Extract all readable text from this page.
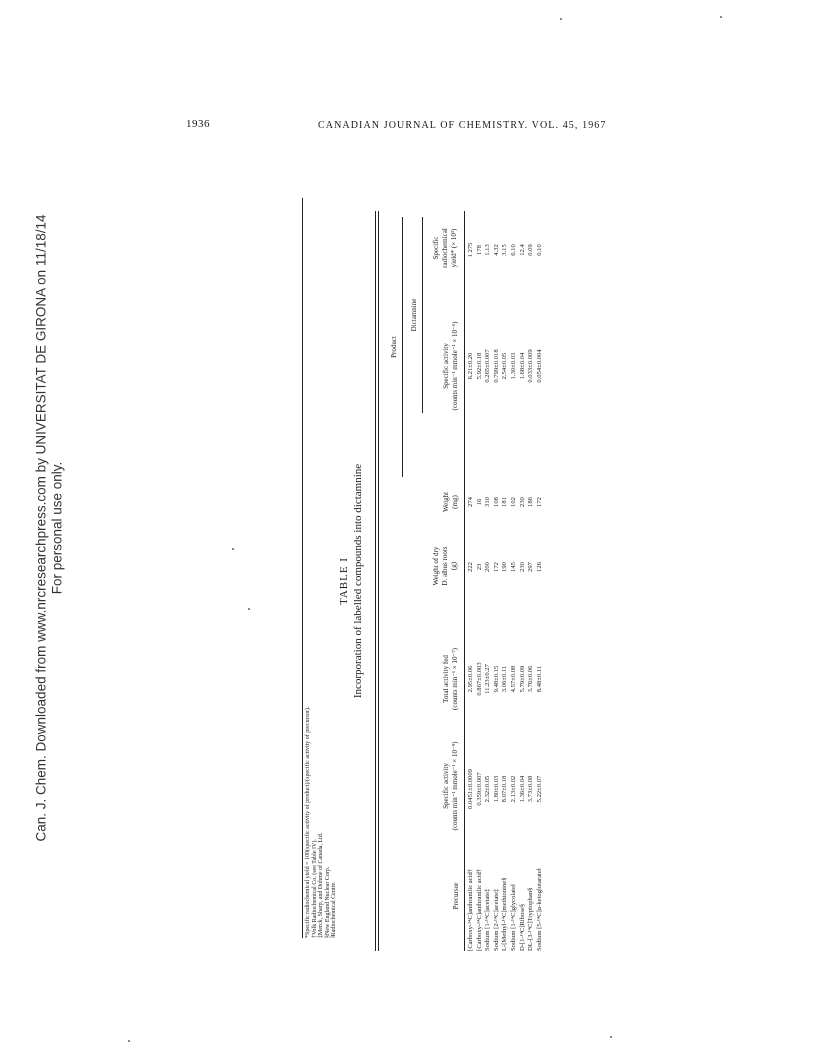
Can. J. Chem. Downloaded from www.nrcresearchpress.com by UNIVERSITAT DE GIRONA on 11/18/14 For personal use only.
1936	CANADIAN JOURNAL OF CHEMISTRY. VOL. 45, 1967
TABLE I Incorporation of labelled compounds into dictamnine
Precursor
Specific activity (counts min⁻¹ mmole⁻¹ × 10⁻⁹)
Total activity fed (counts min⁻¹ × 10⁻⁷)
Weight of dry D. albus roots (g)
Product
Weight (mg)
Dictamnine
Specific activity (counts min⁻¹ mmole⁻¹ × 10⁻⁶)
Specific radiochemical yield* (× 10³)
[Carboxy-¹⁴C]anthranilic acid†
0.0451±0.0009
2.95±0.06
222
274
6.21±0.20
1 275
[Carboxy-¹⁴C]anthranilic acid†
0.359±0.007
0.867±0.003
23
16
5.92±0.18
178
Sodium [1-¹⁴C]acetate‡
2.32±0.05
11.23±0.27
200
310
0.265±0.007
1.13
Sodium [2-¹⁴C]acetate‡
1.80±0.03
9.48±0.15
172
108
0.799±0.018
4.32
L-[Methyl-¹⁴C]methionine§
8.07±0.18
3.06±0.11
190
181
2.54±0.05
3.15
Sodium [1-¹⁴C]glycolate‖
2.13±0.02
4.57±0.08
145
102
1.30±0.03
6.10
D-[1-¹⁴C]Ribose§
1.36±0.04
5.79±0.09
230
230
1.68±0.04
12.4
DL-[3-¹⁴C]Tryptophan§
3.73±0.08
3.76±0.06
297
186
0.033±0.009
0.09
Sodium [5-¹⁴C]α-ketoglutarate‖
5.22±0.07
8.48±0.11
126
172
0.054±0.004
0.10
*Specific radiochemical yield = 100(specific activity of product)/(specific activity of precursor). †Volk Radiochemical Co. (see Table IV). ‡Merck, Sharp, and Dohme of Canada, Ltd. §New England Nuclear Corp. ‖Radiochemical Centre.
